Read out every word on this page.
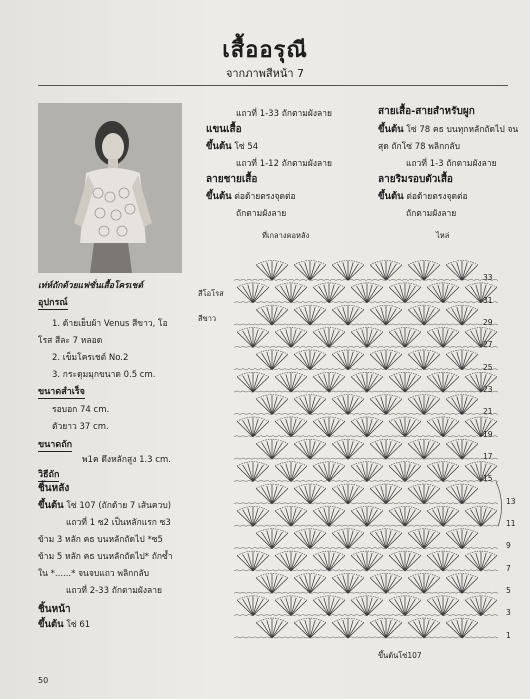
เสื้ออรุณี
จากภาพสีหน้า 7
เท่ห์ถักด้วยแฟชั่นเสื้อโครเชต์
อุปกรณ์
1. ด้ายเย็บผ้า Venus สีขาว, โอ
โรส สีละ 7 หลอด
2. เข็มโครเชต์ No.2
3. กระดุมมุกขนาด 0.5 cm.
ขนาดสำเร็จ
รอบอก 74 cm.
ตัวยาว 37 cm.
ขนาดถัก
พ1ค ดึงหลักสูง 1.3 cm.
วิธีถัก
ชิ้นหลัง
ขึ้นต้น โซ่ 107 (ถักด้าย 7 เส้นควบ)
แถวที่ 1 ซ2 เป็นหลักแรก ซ3
ข้าม 3 หลัก คธ บนหลักถัดไป *ซ5
ข้าม 5 หลัก คธ บนหลักถัดไป* ถักซ้ำ
ใน *......* จนจบแถว พลิกกลับ
แถวที่ 2-33 ถักตามผังลาย
ชิ้นหน้า
ขึ้นต้น โซ่ 61
แถวที่ 1-33 ถักตามผังลาย
แขนเสื้อ
ขึ้นต้น โซ่ 54
แถวที่ 1-12 ถักตามผังลาย
ลายชายเสื้อ
ขึ้นต้น ต่อด้ายตรงจุดต่อ
ถักตามผังลาย
สายเสื้อ-สายสำหรับผูก
ขึ้นต้น โซ่ 78 คธ บนทุกหลักถัดไป จน
สุด ถักโซ่ 78 พลิกกลับ
แถวที่ 1-3 ถักตามผังลาย
ลายริมรอบตัวเสื้อ
ขึ้นต้น ต่อด้ายตรงจุดต่อ
ถักตามผังลาย
ที่เกลางคอหลัง	ไหล่
สีโอโรส
สีขาว
ขึ้นต้นโซ่107
33
31
29
27
25
23
21
19
17
15
13
11
9
7
5
3
1
50
